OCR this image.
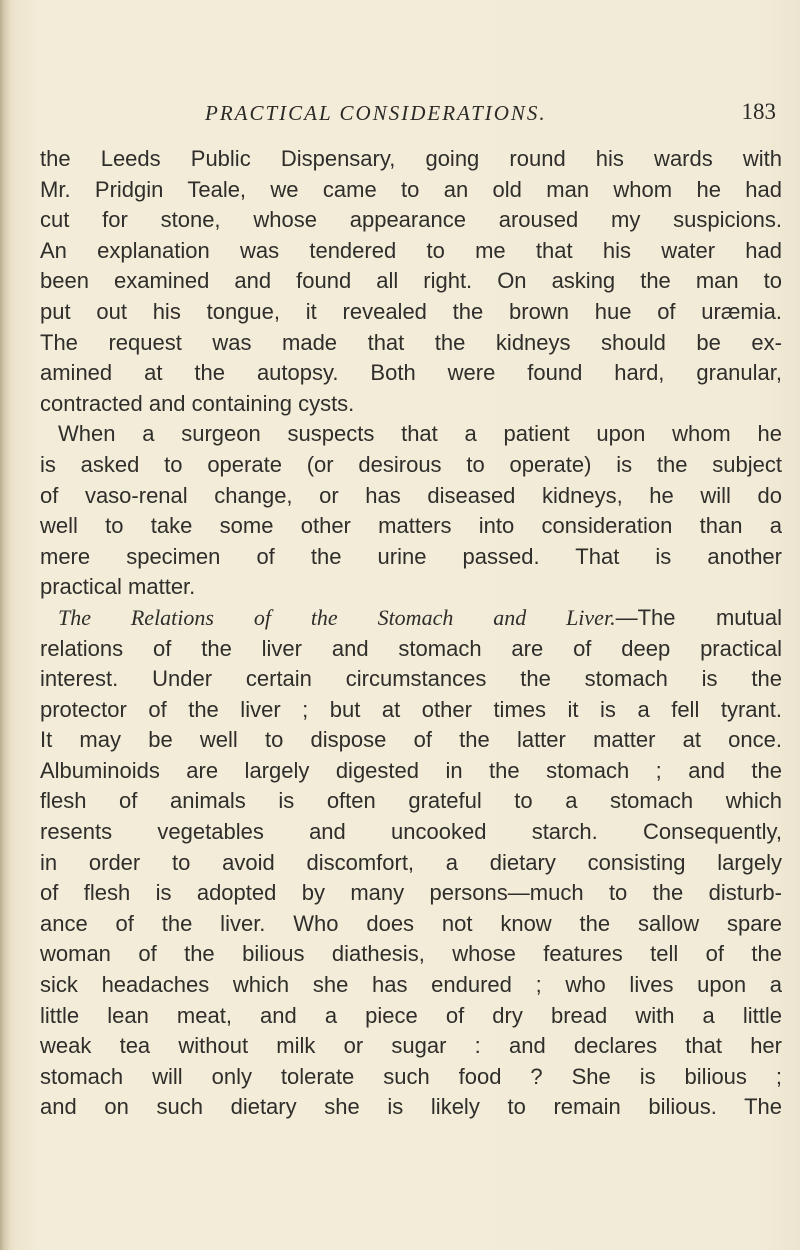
PRACTICAL CONSIDERATIONS.	183
the Leeds Public Dispensary, going round his wards with
Mr. Pridgin Teale, we came to an old man whom he had
cut for stone, whose appearance aroused my suspicions.
An explanation was tendered to me that his water had
been examined and found all right. On asking the man to
put out his tongue, it revealed the brown hue of uræmia.
The request was made that the kidneys should be ex-
amined at the autopsy. Both were found hard, granular,
contracted and containing cysts.
When a surgeon suspects that a patient upon whom he
is asked to operate (or desirous to operate) is the subject
of vaso-renal change, or has diseased kidneys, he will do
well to take some other matters into consideration than a
mere specimen of the urine passed. That is another
practical matter.
The Relations of the Stomach and Liver.—The mutual
relations of the liver and stomach are of deep practical
interest. Under certain circumstances the stomach is the
protector of the liver ; but at other times it is a fell tyrant.
It may be well to dispose of the latter matter at once.
Albuminoids are largely digested in the stomach ; and the
flesh of animals is often grateful to a stomach which
resents vegetables and uncooked starch. Consequently,
in order to avoid discomfort, a dietary consisting largely
of flesh is adopted by many persons—much to the disturb-
ance of the liver. Who does not know the sallow spare
woman of the bilious diathesis, whose features tell of the
sick headaches which she has endured ; who lives upon a
little lean meat, and a piece of dry bread with a little
weak tea without milk or sugar : and declares that her
stomach will only tolerate such food ? She is bilious ;
and on such dietary she is likely to remain bilious. The
